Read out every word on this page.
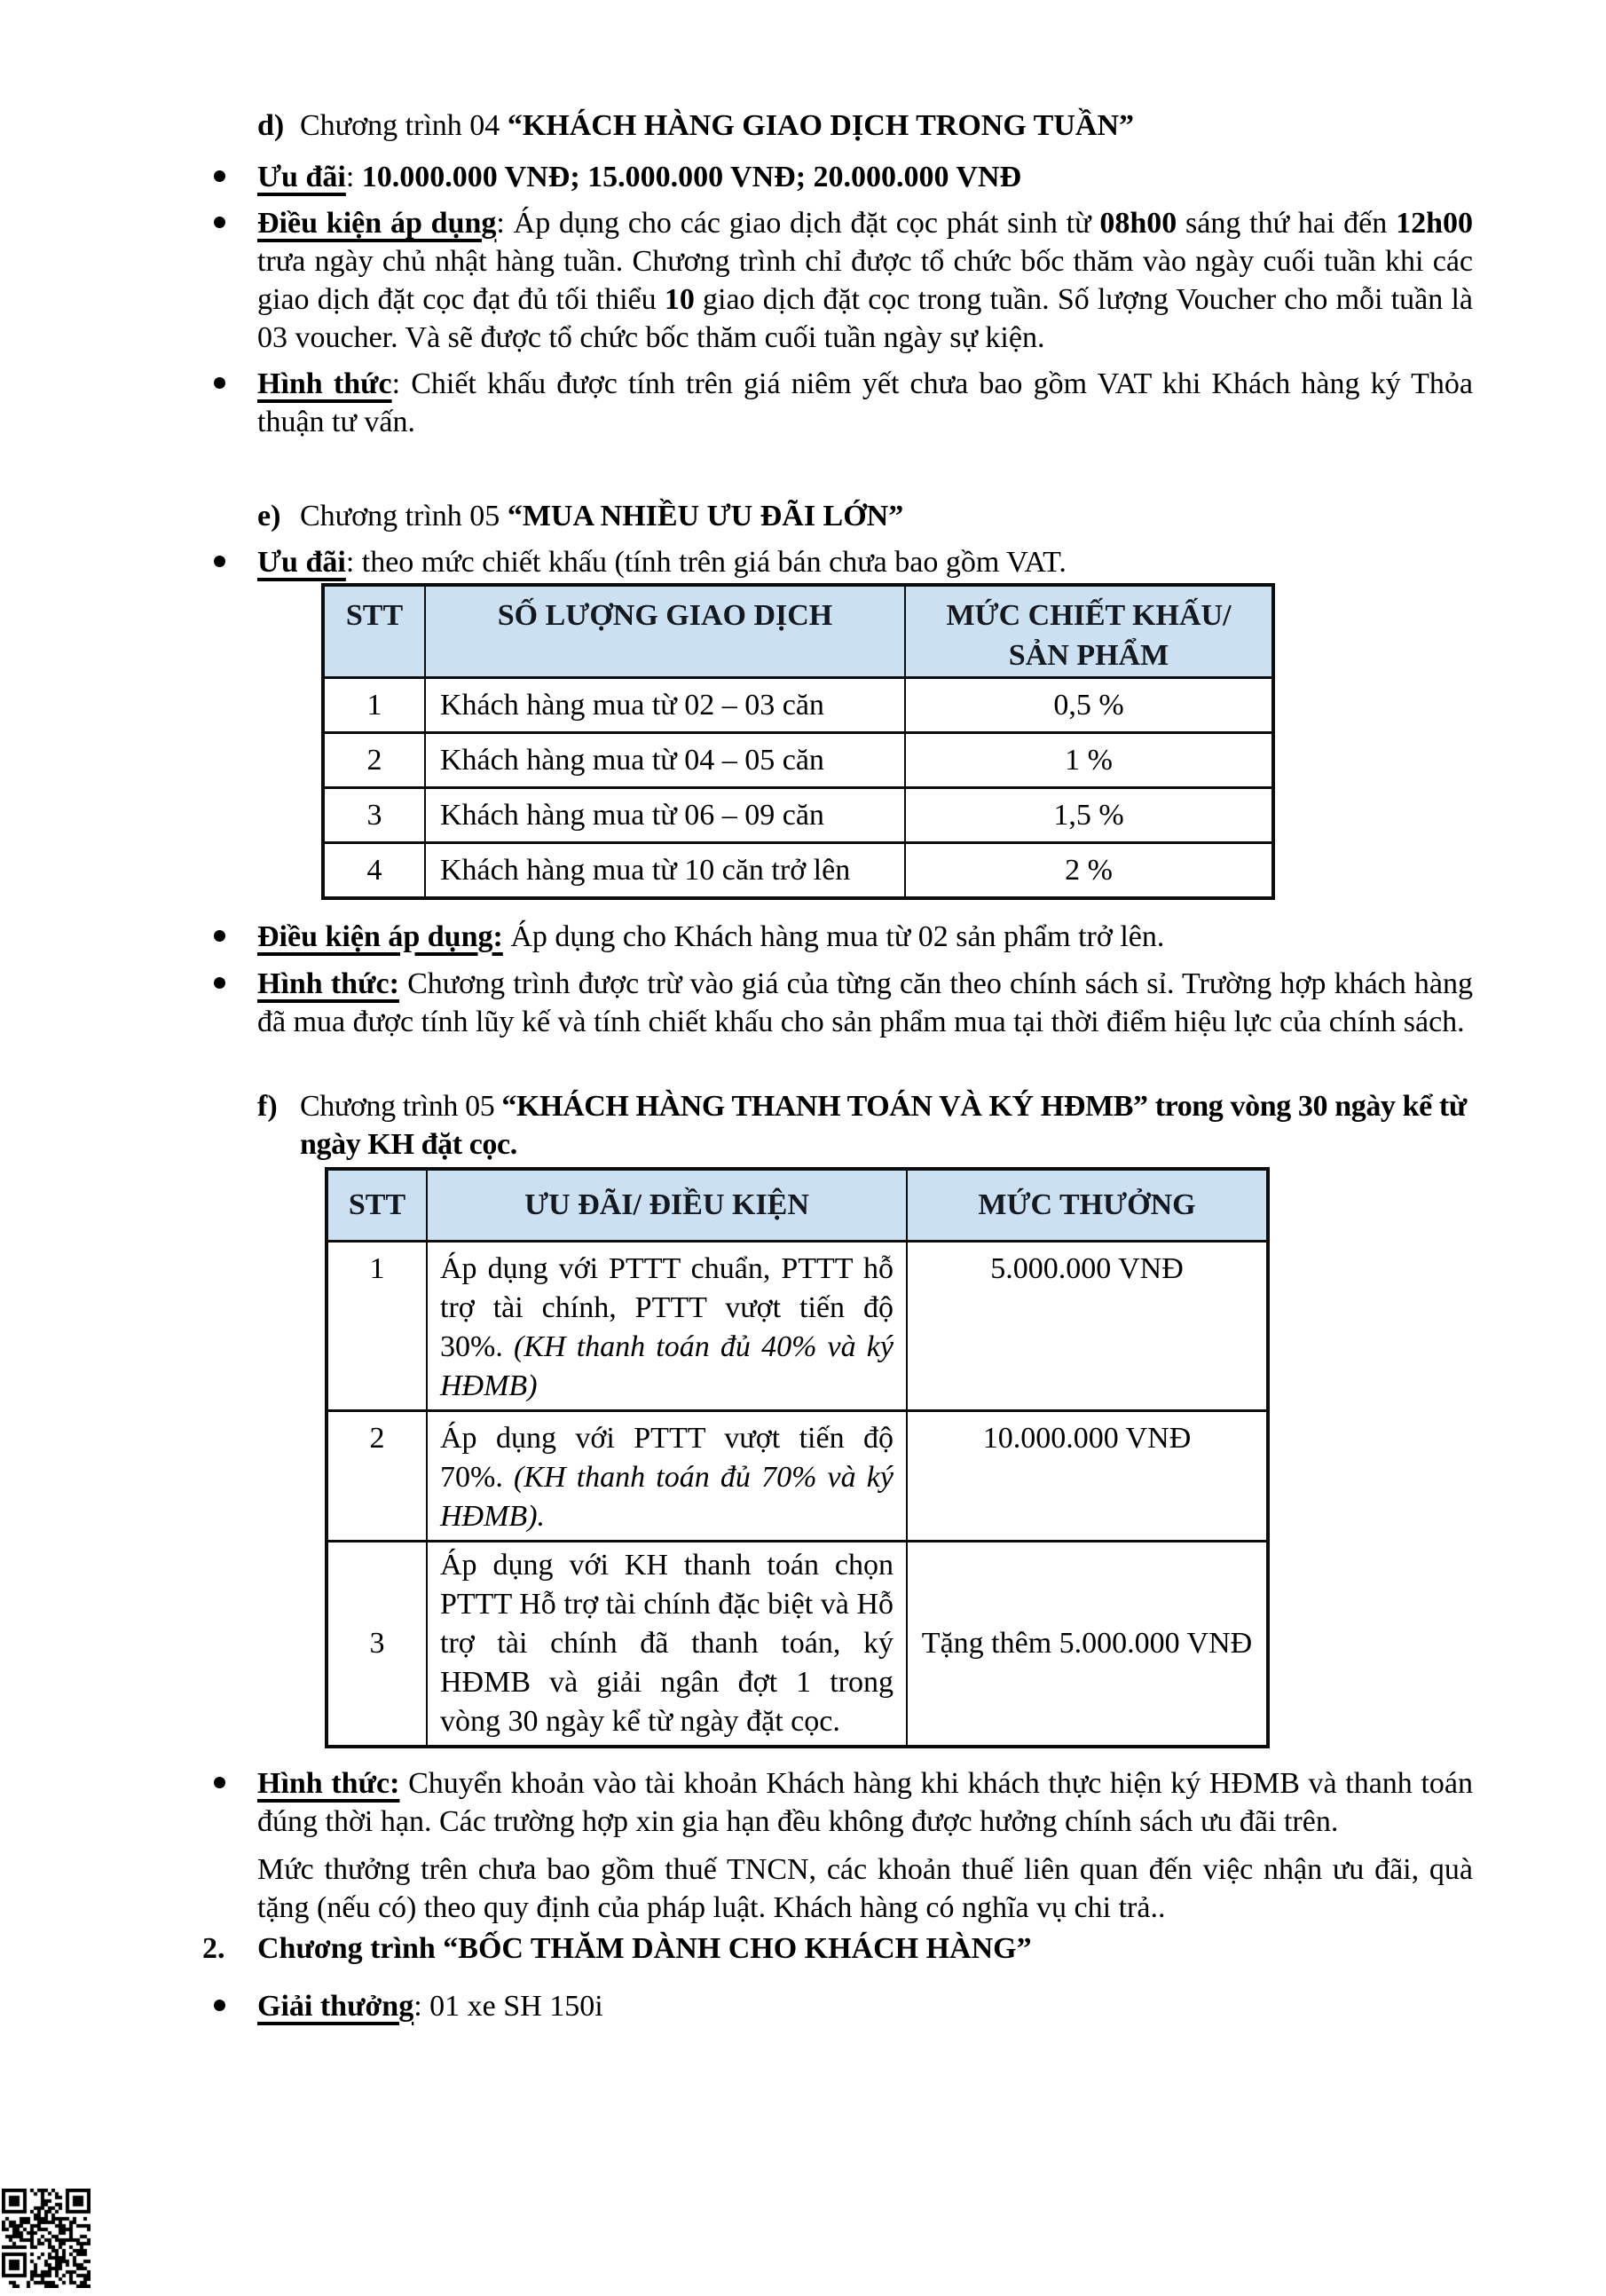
d) Chương trình 04 “KHÁCH HÀNG GIAO DỊCH TRONG TUẦN”
Ưu đãi: 10.000.000 VNĐ; 15.000.000 VNĐ; 20.000.000 VNĐ
Điều kiện áp dụng: Áp dụng cho các giao dịch đặt cọc phát sinh từ 08h00 sáng thứ hai đến 12h00 trưa ngày chủ nhật hàng tuần. Chương trình chỉ được tổ chức bốc thăm vào ngày cuối tuần khi các giao dịch đặt cọc đạt đủ tối thiểu 10 giao dịch đặt cọc trong tuần. Số lượng Voucher cho mỗi tuần là 03 voucher. Và sẽ được tổ chức bốc thăm cuối tuần ngày sự kiện.
Hình thức: Chiết khấu được tính trên giá niêm yết chưa bao gồm VAT khi Khách hàng ký Thỏa thuận tư vấn.
e) Chương trình 05 “MUA NHIỀU ƯU ĐÃI LỚN”
Ưu đãi: theo mức chiết khấu (tính trên giá bán chưa bao gồm VAT.
STT	SỐ LƯỢNG GIAO DỊCH	MỨC CHIẾT KHẤU/
SẢN PHẨM

1	Khách hàng mua từ 02 – 03 căn	0,5 %
2	Khách hàng mua từ 04 – 05 căn	1 %
3	Khách hàng mua từ 06 – 09 căn	1,5 %
4	Khách hàng mua từ 10 căn trở lên	2 %
Điều kiện áp dụng: Áp dụng cho Khách hàng mua từ 02 sản phẩm trở lên.
Hình thức: Chương trình được trừ vào giá của từng căn theo chính sách sỉ. Trường hợp khách hàng đã mua được tính lũy kế và tính chiết khấu cho sản phẩm mua tại thời điểm hiệu lực của chính sách.
f) Chương trình 05 “KHÁCH HÀNG THANH TOÁN VÀ KÝ HĐMB” trong vòng 30 ngày kể từ ngày KH đặt cọc.
STT	ƯU ĐÃI/ ĐIỀU KIỆN	MỨC THƯỞNG
1	Áp dụng với PTTT chuẩn, PTTT hỗ trợ tài chính, PTTT vượt tiến độ 30%. (KH thanh toán đủ 40% và ký HĐMB)	5.000.000 VNĐ
2	Áp dụng với PTTT vượt tiến độ 70%. (KH thanh toán đủ 70% và ký HĐMB).	10.000.000 VNĐ
3	Áp dụng với KH thanh toán chọn PTTT Hỗ trợ tài chính đặc biệt và Hỗ trợ tài chính đã thanh toán, ký HĐMB và giải ngân đợt 1 trong vòng 30 ngày kể từ ngày đặt cọc.	Tặng thêm 5.000.000 VNĐ
Hình thức: Chuyển khoản vào tài khoản Khách hàng khi khách thực hiện ký HĐMB và thanh toán đúng thời hạn. Các trường hợp xin gia hạn đều không được hưởng chính sách ưu đãi trên.
Mức thưởng trên chưa bao gồm thuế TNCN, các khoản thuế liên quan đến việc nhận ưu đãi, quà tặng (nếu có) theo quy định của pháp luật. Khách hàng có nghĩa vụ chi trả..
2.	Chương trình “BỐC THĂM DÀNH CHO KHÁCH HÀNG”
Giải thưởng: 01 xe SH 150i
